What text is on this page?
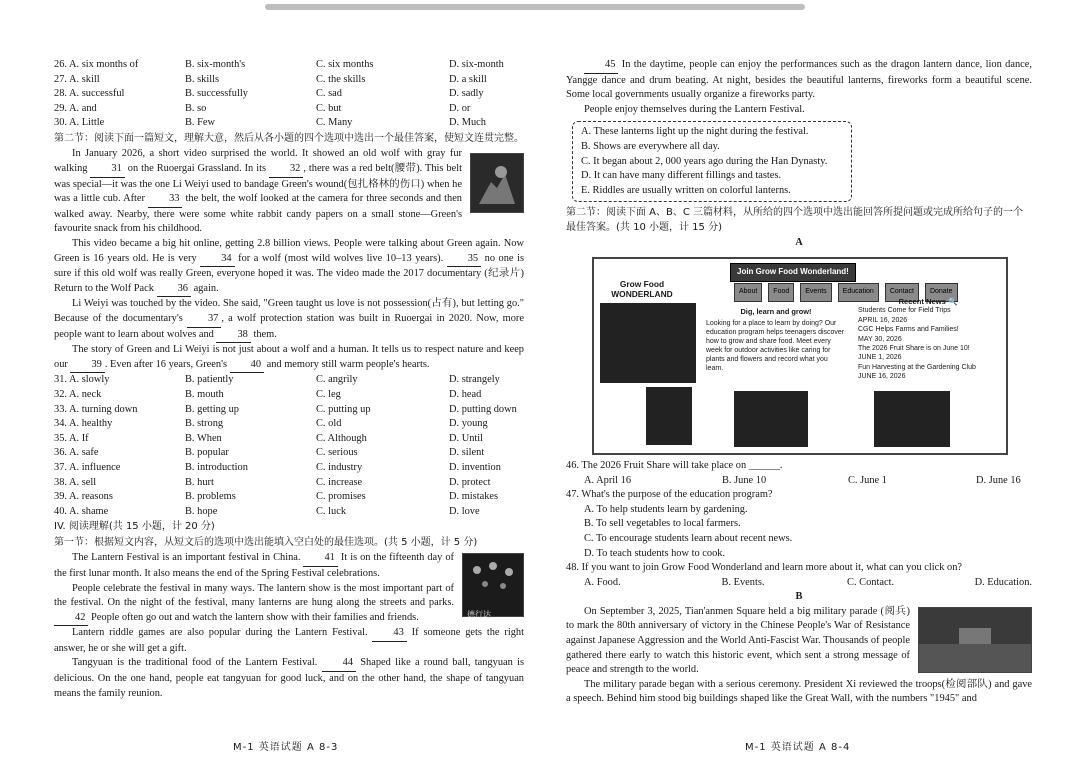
26. A. six months of	B. six-month's	C. six months	D. six-month
27. A. skill	B. skills	C. the skills	D. a skill
28. A. successful	B. successfully	C. sad	D. sadly
29. A. and	B. so	C. but	D. or
30. A. Little	B. Few	C. Many	D. Much
第二节：阅读下面一篇短文，理解大意，然后从各小题的四个选项中选出一个最佳答案，使短文连贯完整。

In January 2026, a short video surprised the world. It showed an old wolf with gray fur walking 31 on the Ruoergai Grassland. In its 32 , there was a red belt(腰带). This belt was special—it was the one Li Weiyi used to bandage Green's wound(包扎格林的伤口) when he was a little cub. After 33 the belt, the wolf looked at the camera for three seconds and then walked away. Nearby, there were some white rabbit candy papers on a small stone—Green's favourite snack from his childhood.

This video became a big hit online, getting 2.8 billion views. People were talking about Green again. Now Green is 16 years old. He is very 34 for a wolf (most wild wolves live 10–13 years). 35 no one is sure if this old wolf was really Green, everyone hoped it was. The video made the 2017 documentary (纪录片) Return to the Wolf Pack 36 again.

Li Weiyi was touched by the video. She said, "Green taught us love is not possession(占有), but letting go." Because of the documentary's 37 , a wolf protection station was built in Ruoergai in 2020. Now, more people want to learn about wolves and 38 them.

The story of Green and Li Weiyi is not just about a wolf and a human. It tells us to respect nature and keep our 39 . Even after 16 years, Green's 40 and memory still warm people's hearts.

31. A. slowly	B. patiently	C. angrily	D. strangely
32. A. neck	B. mouth	C. leg	D. head
33. A. turning down	B. getting up	C. putting up	D. putting down
34. A. healthy	B. strong	C. old	D. young
35. A. If	B. When	C. Although	D. Until
36. A. safe	B. popular	C. serious	D. silent
37. A. influence	B. introduction	C. industry	D. invention
38. A. sell	B. hurt	C. increase	D. protect
39. A. reasons	B. problems	C. promises	D. mistakes
40. A. shame	B. hope	C. luck	D. love
IV. 阅读理解(共 15 小题，计 20 分)
第一节：根据短文内容，从短文后的选项中选出能填入空白处的最佳选项。(共 5 小题，计 5 分)
德行达

The Lantern Festival is an important festival in China. 41 It is on the fifteenth day of the first lunar month. It also means the end of the Spring Festival celebrations.

People celebrate the festival in many ways. The lantern show is the most important part of the festival. On the night of the festival, many lanterns are hung along the streets and parks. 42 People often go out and watch the lantern show with their families and friends.

Lantern riddle games are also popular during the Lantern Festival. 43 If someone gets the right answer, he or she will get a gift.

Tangyuan is the traditional food of the Lantern Festival. 44 Shaped like a round ball, tangyuan is delicious. On the one hand, people eat tangyuan for good luck, and on the other hand, the shape of tangyuan means the family reunion.

M-1 英语试题 A 8-3

45 In the daytime, people can enjoy the performances such as the dragon lantern dance, lion dance, Yangge dance and drum beating. At night, besides the beautiful lanterns, fireworks form a beautiful scene. Some local governments usually organize a fireworks party.

People enjoy themselves during the Lantern Festival.

A. These lanterns light up the night during the festival.
B. Shows are everywhere all day.
C. It began about 2, 000 years ago during the Han Dynasty.
D. It can have many different fillings and tastes.
E. Riddles are usually written on colorful lanterns.
第二节：阅读下面 A、B、C 三篇材料，从所给的四个选项中选出能回答所提问题或完成所给句子的一个最佳答案。(共 10 小题，计 15 分)
A
Join Grow Food Wonderland!
About	Food	Events	Education	Contact	Donate
Grow Food WONDERLAND
Dig, learn and grow!
Looking for a place to learn by doing? Our education program helps teenagers discover how to grow and share food. Meet every week for outdoor activities like caring for plants and flowers and record what you learn.
Recent News 🔍
Students Come for Field Trips
APRIL 16, 2026
CGC Helps Farms and Families!
MAY 30, 2026
The 2026 Fruit Share is on June 10!
JUNE 1, 2026
Fun Harvesting at the Gardening Club
JUNE 16, 2026
46. The 2026 Fruit Share will take place on ______.
A. April 16	B. June 10	C. June 1	D. June 16
47. What's the purpose of the education program?
A. To help students learn by gardening.
B. To sell vegetables to local farmers.
C. To encourage students learn about recent news.
D. To teach students how to cook.
48. If you want to join Grow Food Wonderland and learn more about it, what can you click on?
A. Food.	B. Events.	C. Contact.	D. Education.
B

On September 3, 2025, Tian'anmen Square held a big military parade (阅兵) to mark the 80th anniversary of victory in the Chinese People's War of Resistance against Japanese Aggression and the World Anti-Fascist War. Thousands of people gathered there early to watch this historic event, which sent a strong message of peace and strength to the world.

The military parade began with a serious ceremony. President Xi reviewed the troops(检阅部队) and gave a speech. Behind him stood big buildings shaped like the Great Wall, with the numbers "1945" and

M-1 英语试题 A 8-4
